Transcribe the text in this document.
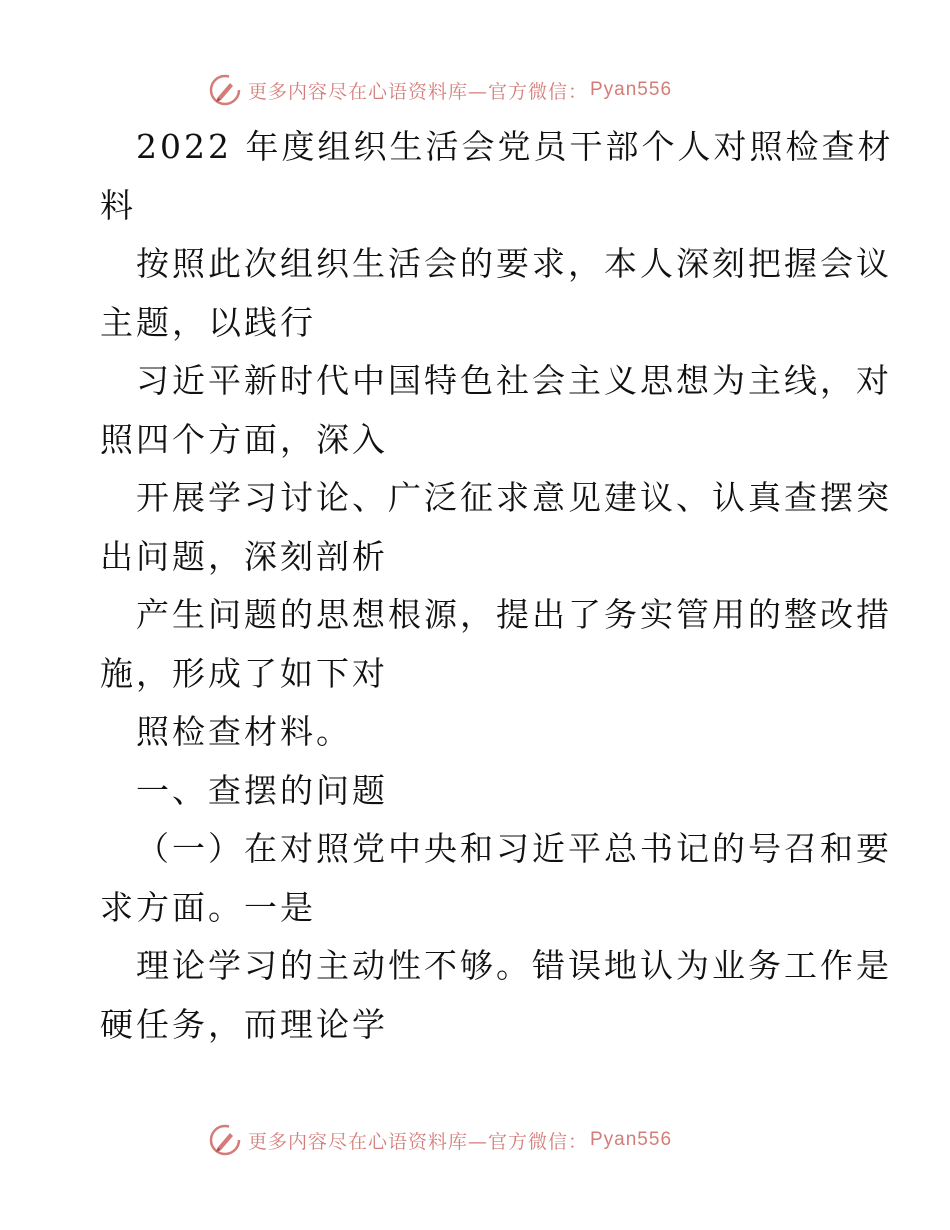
更多内容尽在心语资料库—官方微信： Pyan556
2022 年度组织生活会党员干部个人对照检查材
料
按照此次组织生活会的要求，本人深刻把握会议
主题，以践行
习近平新时代中国特色社会主义思想为主线，对
照四个方面，深入
开展学习讨论、广泛征求意见建议、认真查摆突
出问题，深刻剖析
产生问题的思想根源，提出了务实管用的整改措
施，形成了如下对
照检查材料。
一、查摆的问题
（一）在对照党中央和习近平总书记的号召和要
求方面。一是
理论学习的主动性不够。错误地认为业务工作是
硬任务，而理论学
更多内容尽在心语资料库—官方微信： Pyan556
